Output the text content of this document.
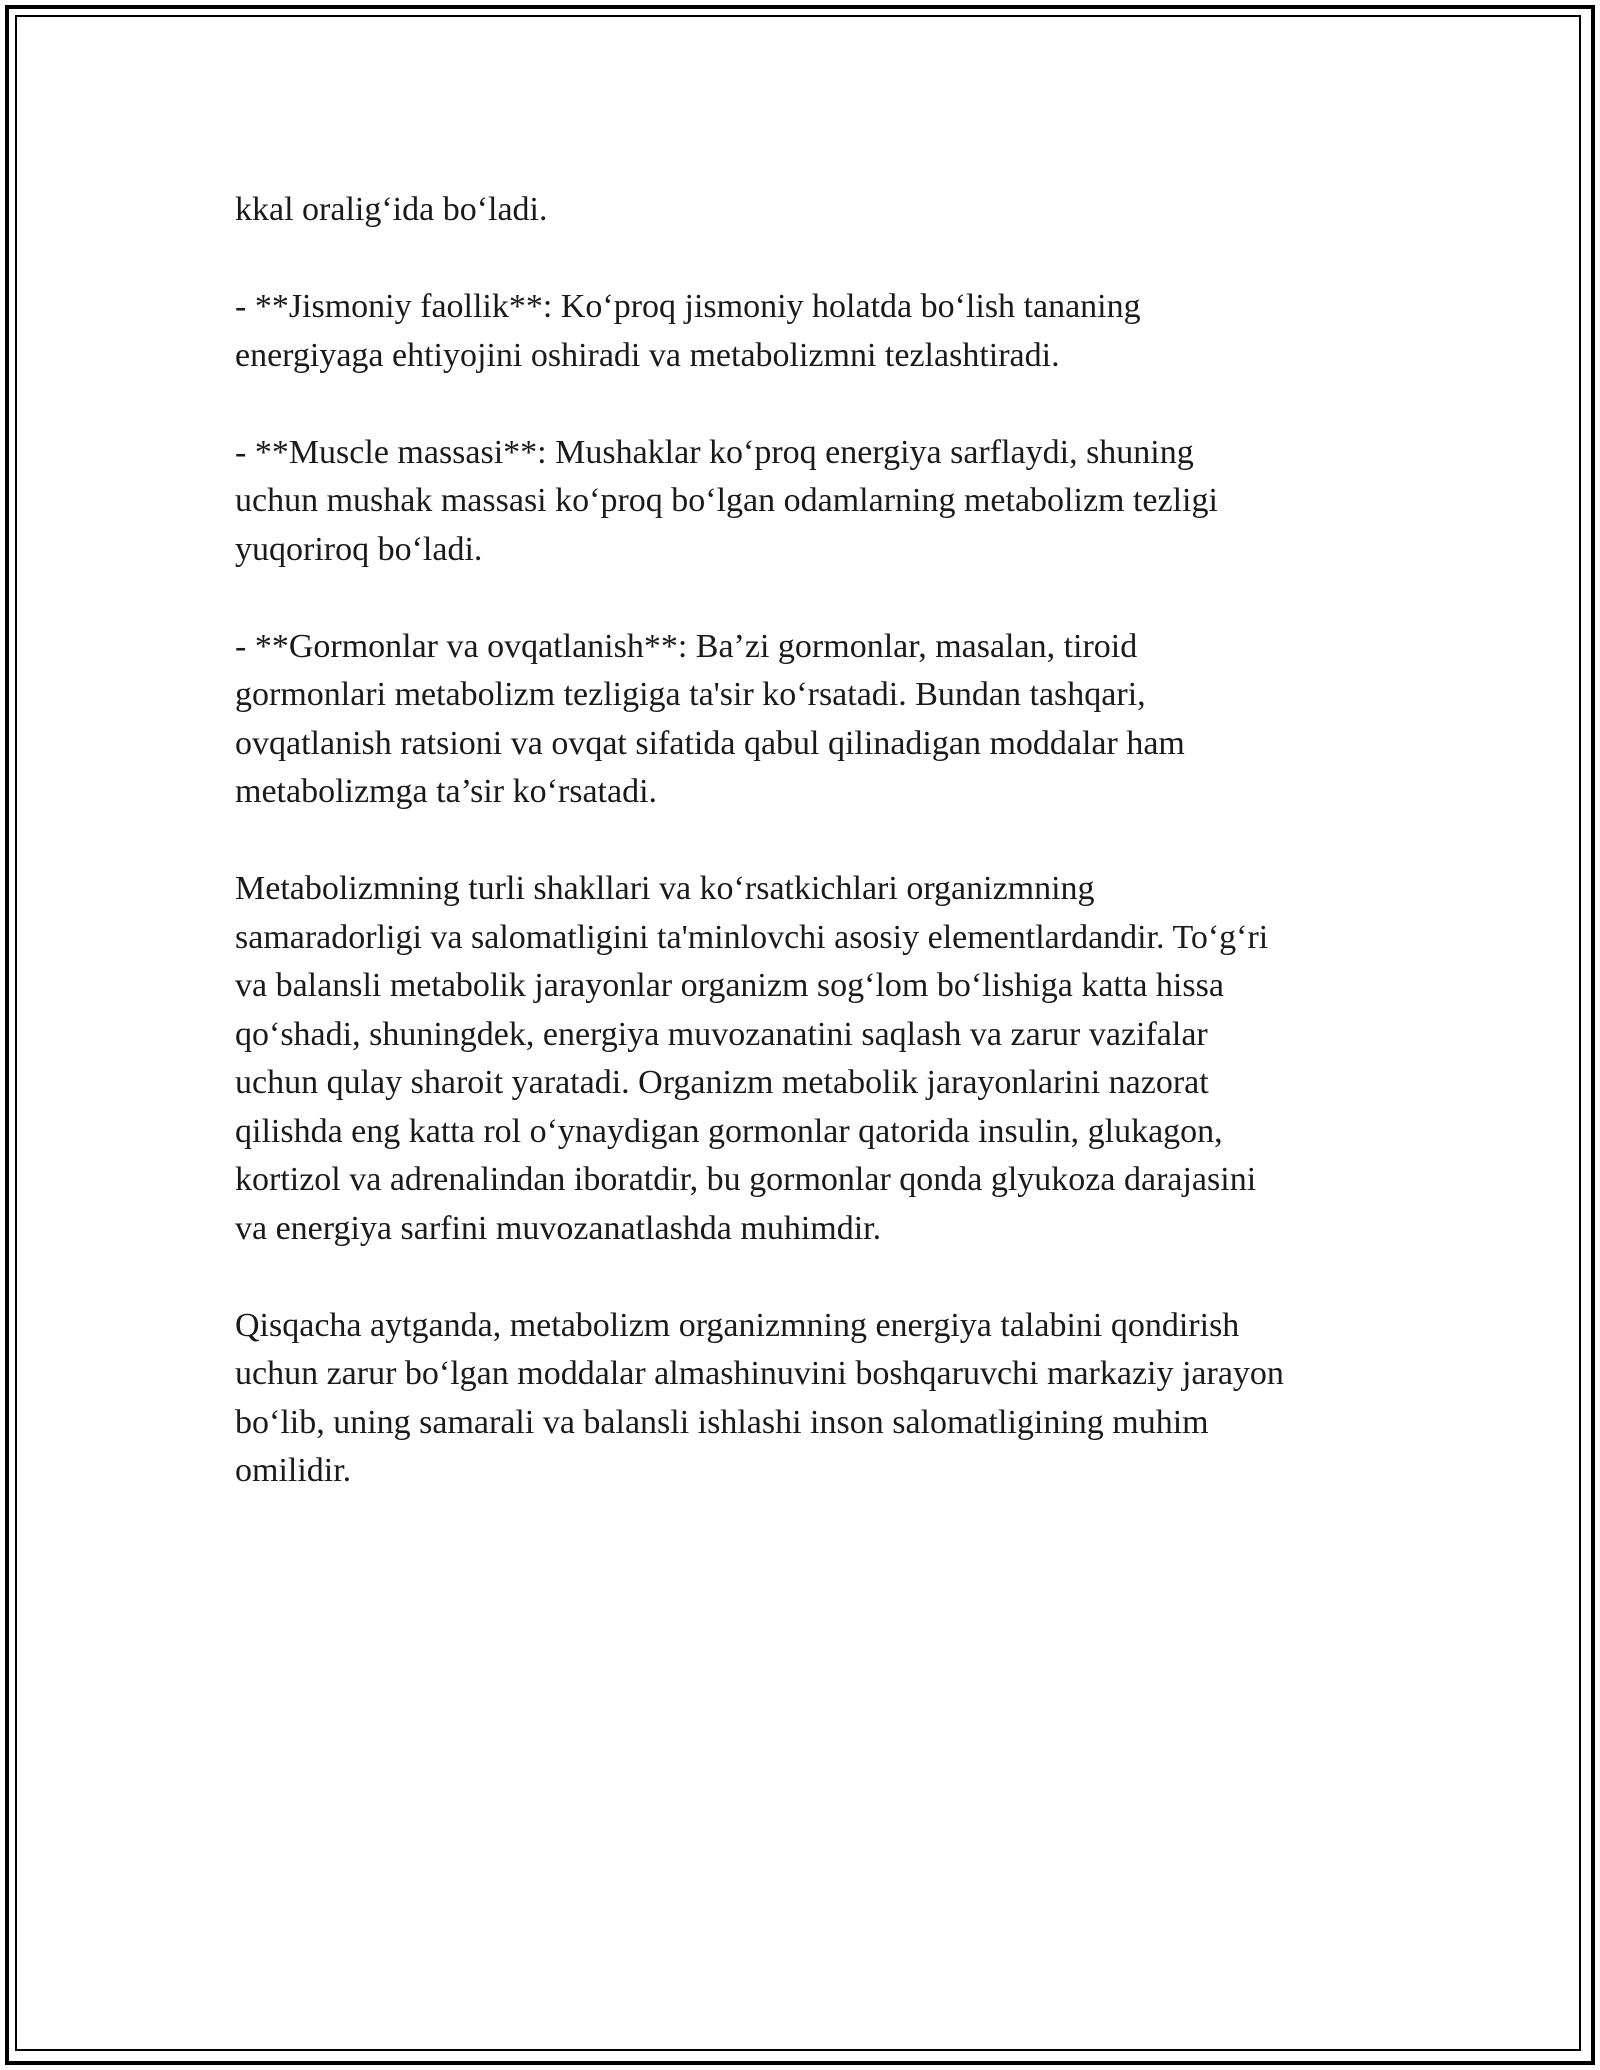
kkal oralig‘ida bo‘ladi.

- **Jismoniy faollik**: Ko‘proq jismoniy holatda bo‘lish tananing
energiyaga ehtiyojini oshiradi va metabolizmni tezlashtiradi.

- **Muscle massasi**: Mushaklar ko‘proq energiya sarflaydi, shuning
uchun mushak massasi ko‘proq bo‘lgan odamlarning metabolizm tezligi
yuqoriroq bo‘ladi.

- **Gormonlar va ovqatlanish**: Ba’zi gormonlar, masalan, tiroid
gormonlari metabolizm tezligiga ta'sir ko‘rsatadi. Bundan tashqari,
ovqatlanish ratsioni va ovqat sifatida qabul qilinadigan moddalar ham
metabolizmga ta’sir ko‘rsatadi.

Metabolizmning turli shakllari va ko‘rsatkichlari organizmning
samaradorligi va salomatligini ta'minlovchi asosiy elementlardandir. To‘g‘ri
va balansli metabolik jarayonlar organizm sog‘lom bo‘lishiga katta hissa
qo‘shadi, shuningdek, energiya muvozanatini saqlash va zarur vazifalar
uchun qulay sharoit yaratadi. Organizm metabolik jarayonlarini nazorat
qilishda eng katta rol o‘ynaydigan gormonlar qatorida insulin, glukagon,
kortizol va adrenalindan iboratdir, bu gormonlar qonda glyukoza darajasini
va energiya sarfini muvozanatlashda muhimdir.

Qisqacha aytganda, metabolizm organizmning energiya talabini qondirish
uchun zarur bo‘lgan moddalar almashinuvini boshqaruvchi markaziy jarayon
bo‘lib, uning samarali va balansli ishlashi inson salomatligining muhim
omilidir.
